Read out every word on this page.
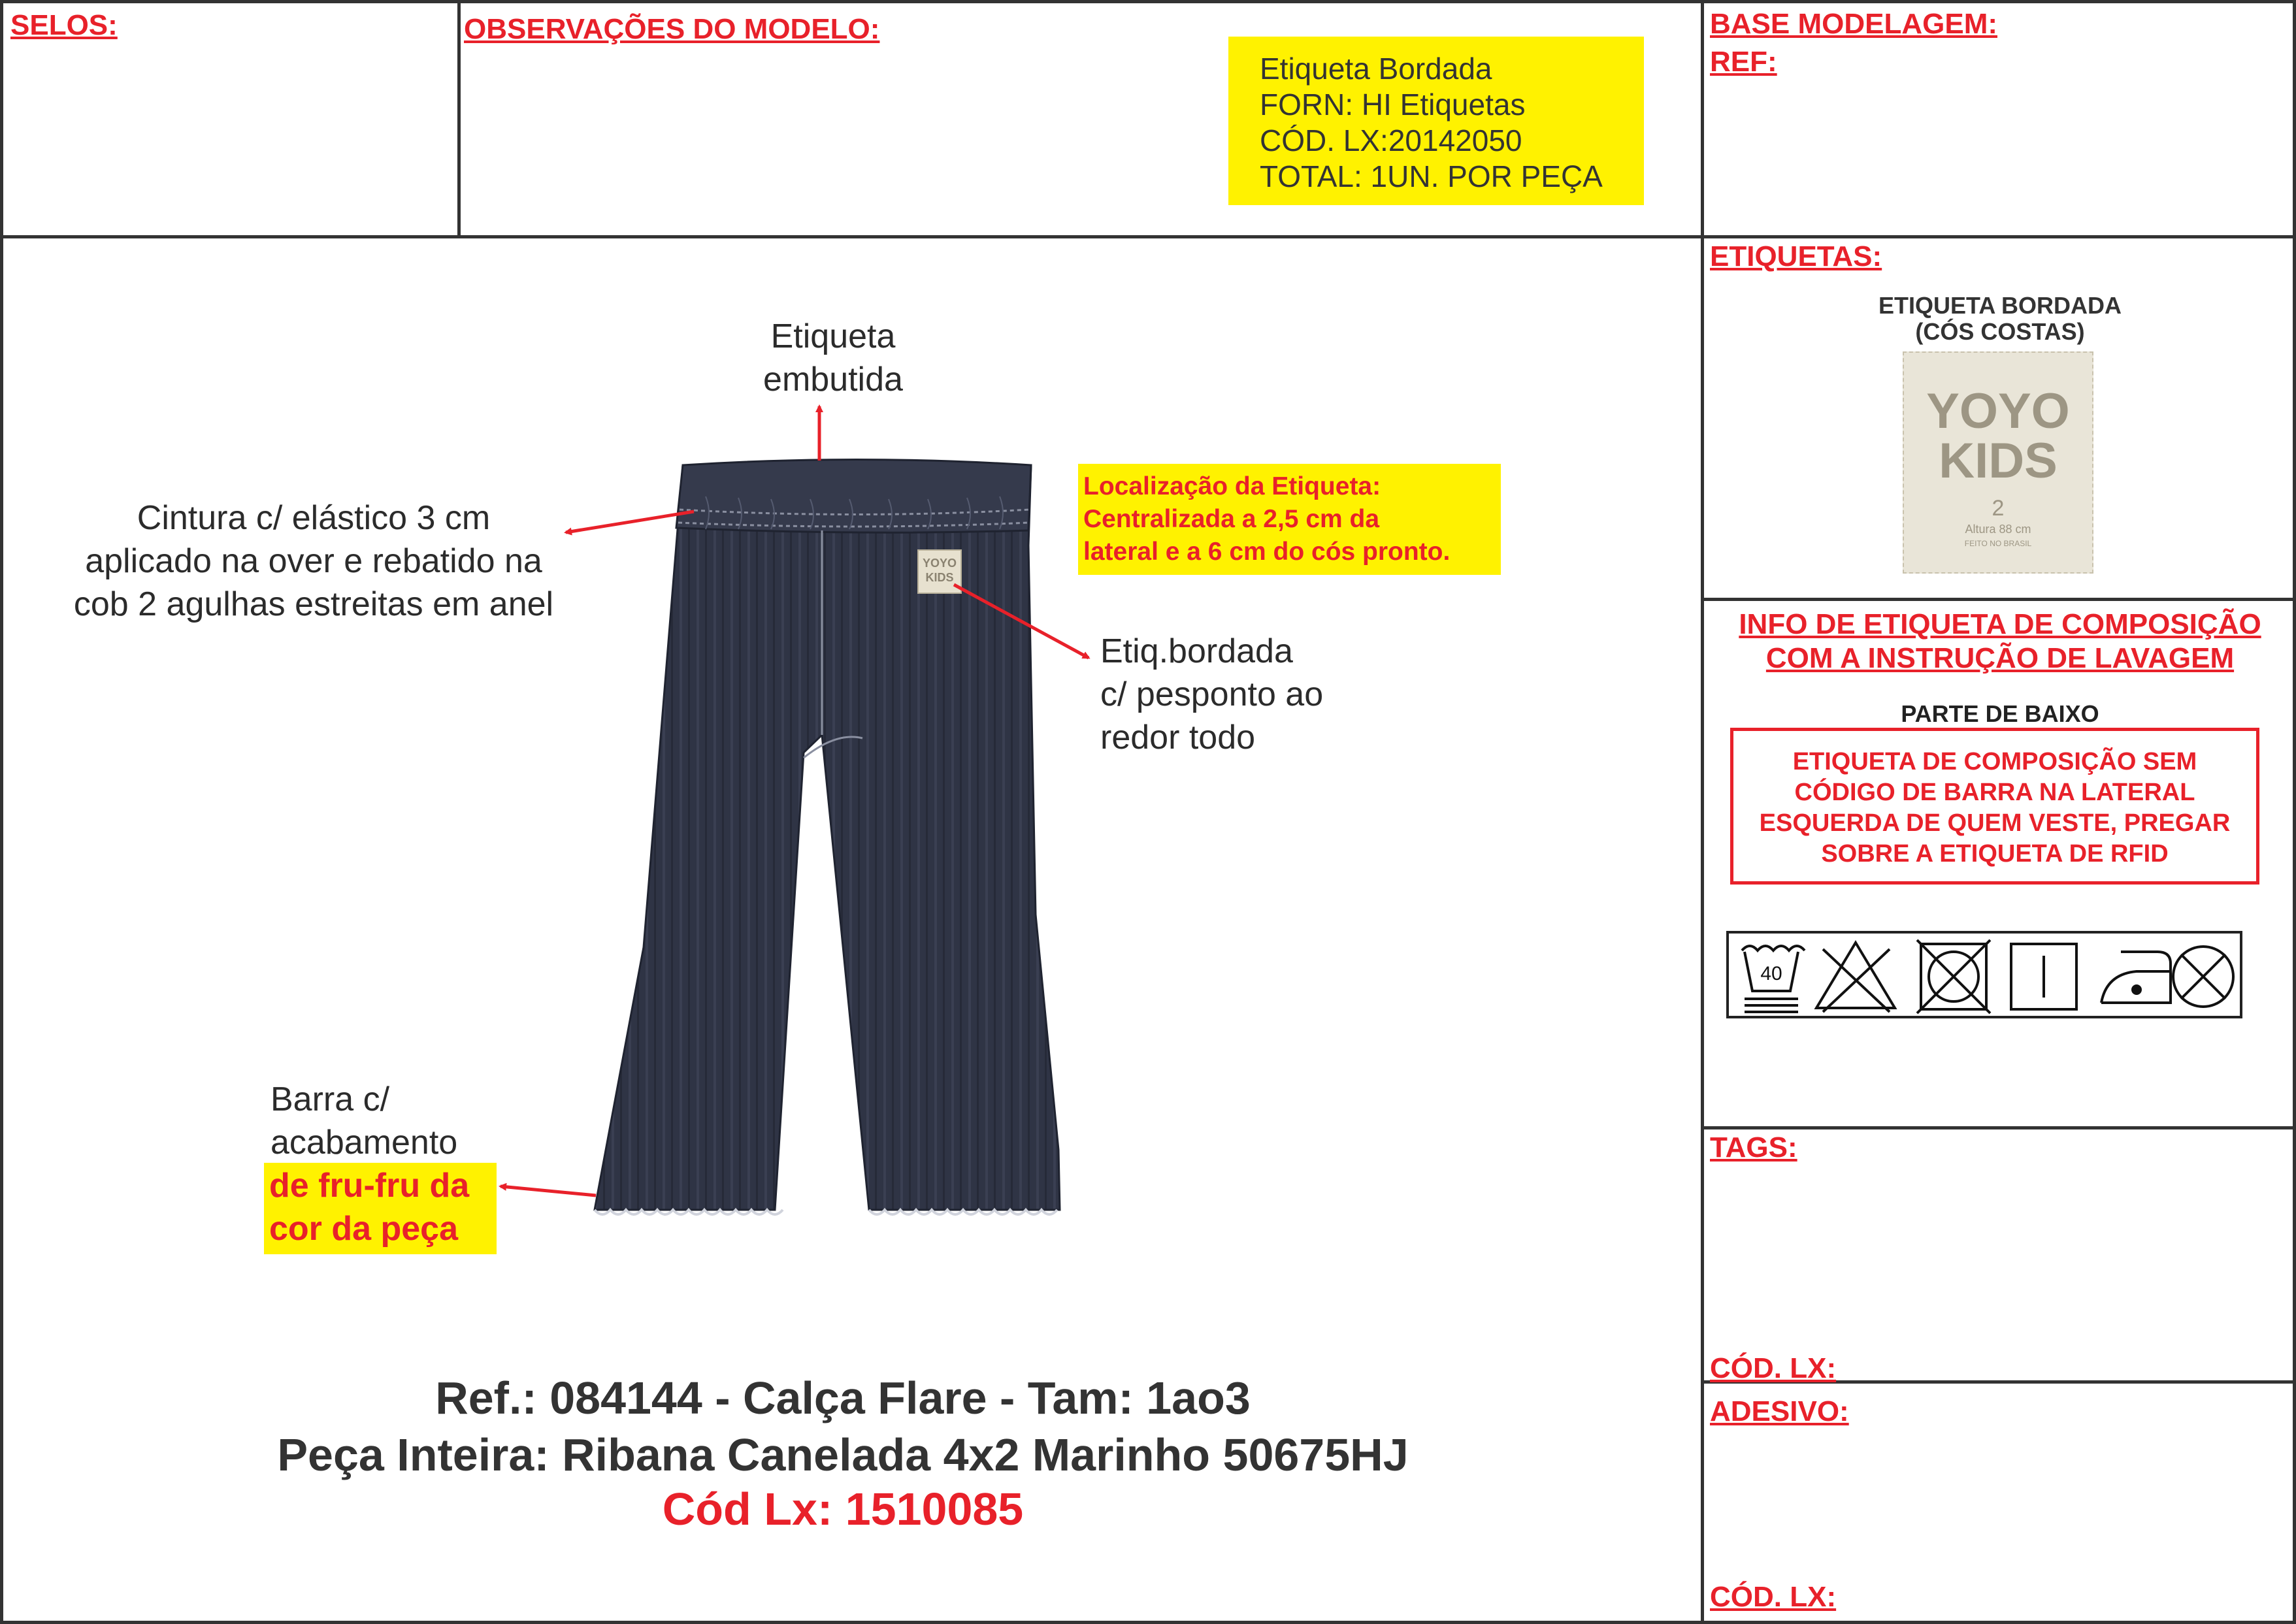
SELOS:	OBSERVAÇÕES DO MODELO:
Etiqueta Bordada
FORN: HI Etiquetas
CÓD. LX:20142050
TOTAL: 1UN. POR PEÇA
BASE MODELAGEM:
REF:
YOYO
KIDS
Etiqueta
embutida
Cintura c/ elástico 3 cm
aplicado na over e rebatido na
cob 2 agulhas estreitas em anel
Localização da Etiqueta:
Centralizada a 2,5 cm da
lateral e a 6 cm do cós pronto.
Etiq.bordada
c/ pesponto ao
redor todo
Barra c/
acabamento
de fru-fru da
cor da peça
Ref.: 084144 - Calça Flare - Tam: 1ao3
Peça Inteira: Ribana Canelada 4x2 Marinho 50675HJ
Cód Lx: 1510085
ETIQUETAS:
ETIQUETA BORDADA
(CÓS COSTAS)
YOYO
KIDS
2
Altura 88 cm
FEITO NO BRASIL
INFO DE ETIQUETA DE COMPOSIÇÃO
COM A INSTRUÇÃO DE LAVAGEM
PARTE DE BAIXO
ETIQUETA DE COMPOSIÇÃO SEM
CÓDIGO DE BARRA NA LATERAL
ESQUERDA DE QUEM VESTE, PREGAR
SOBRE A ETIQUETA DE RFID
40
TAGS:
CÓD. LX:
ADESIVO:
CÓD. LX:
